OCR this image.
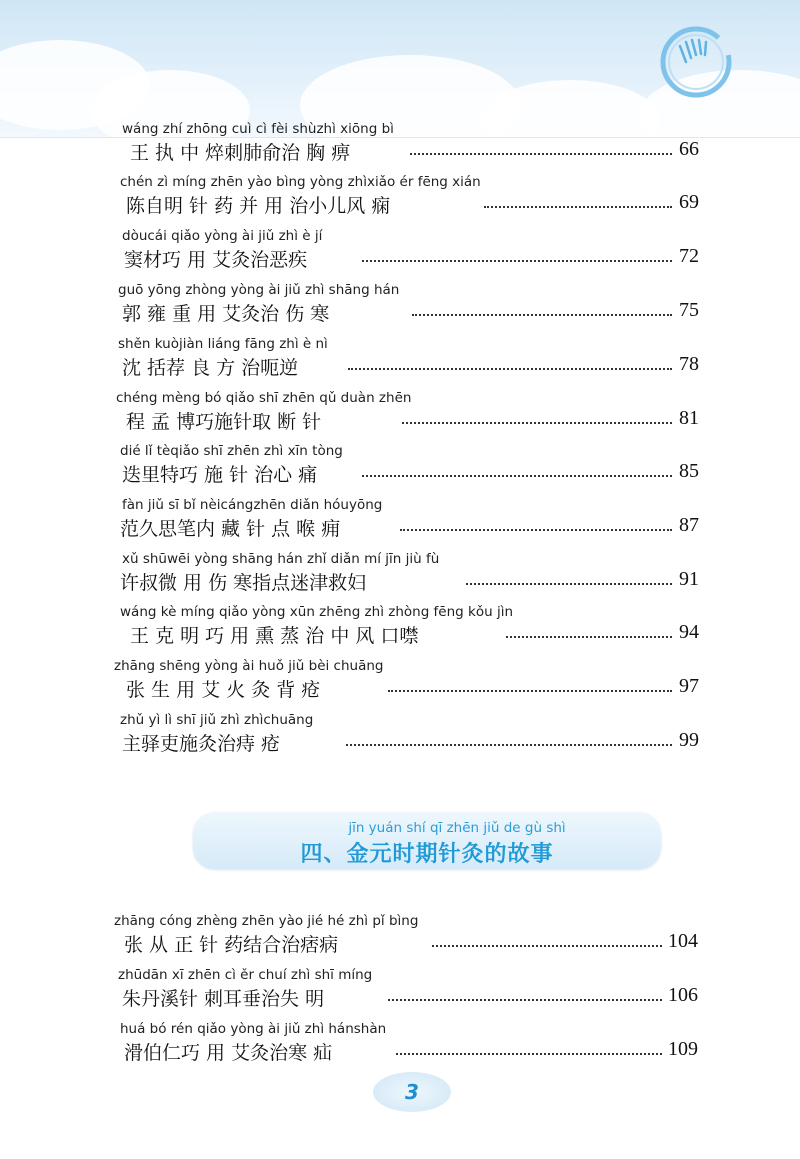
wáng zhí zhōng cuì cì fèi shùzhì xiōng bì
王 执 中 焠刺肺俞治 胸 痹	66
chén zì míng zhēn yào bìng yòng zhìxiǎo ér fēng xián
陈自明 针 药 并 用 治小儿风 痫	69
dòucái qiǎo yòng ài jiǔ zhì è jí
窦材巧 用 艾灸治恶疾	72
guō yōng zhòng yòng ài jiǔ zhì shāng hán
郭 雍 重 用 艾灸治 伤 寒	75
shěn kuòjiàn liáng fāng zhì è nì
沈 括荐 良 方 治呃逆	78
chéng mèng bó qiǎo shī zhēn qǔ duàn zhēn
程 孟 博巧施针取 断 针	81
dié lǐ tèqiǎo shī zhēn zhì xīn tòng
迭里特巧 施 针 治心 痛	85
fàn jiǔ sī bǐ nèicángzhēn diǎn hóuyōng
范久思笔内 藏 针 点 喉 痈	87
xǔ shūwēi yòng shāng hán zhǐ diǎn mí jīn jiù fù
许叔微 用 伤 寒指点迷津救妇	91
wáng kè míng qiǎo yòng xūn zhēng zhì zhòng fēng kǒu jìn
王 克 明 巧 用 熏 蒸 治 中 风 口噤	94
zhāng shēng yòng ài huǒ jiǔ bèi chuāng
张 生 用 艾 火 灸 背 疮	97
zhǔ yì lì shī jiǔ zhì zhìchuāng
主驿吏施灸治痔 疮	99
jīn yuán shí qī zhēn jiǔ de gù shì
四、金元时期针灸的故事
zhāng cóng zhèng zhēn yào jié hé zhì pǐ bìng
张 从 正 针 药结合治痞病	104
zhūdān xī zhēn cì ěr chuí zhì shī míng
朱丹溪针 刺耳垂治失 明	106
huá bó rén qiǎo yòng ài jiǔ zhì hánshàn
滑伯仁巧 用 艾灸治寒 疝	109
3
